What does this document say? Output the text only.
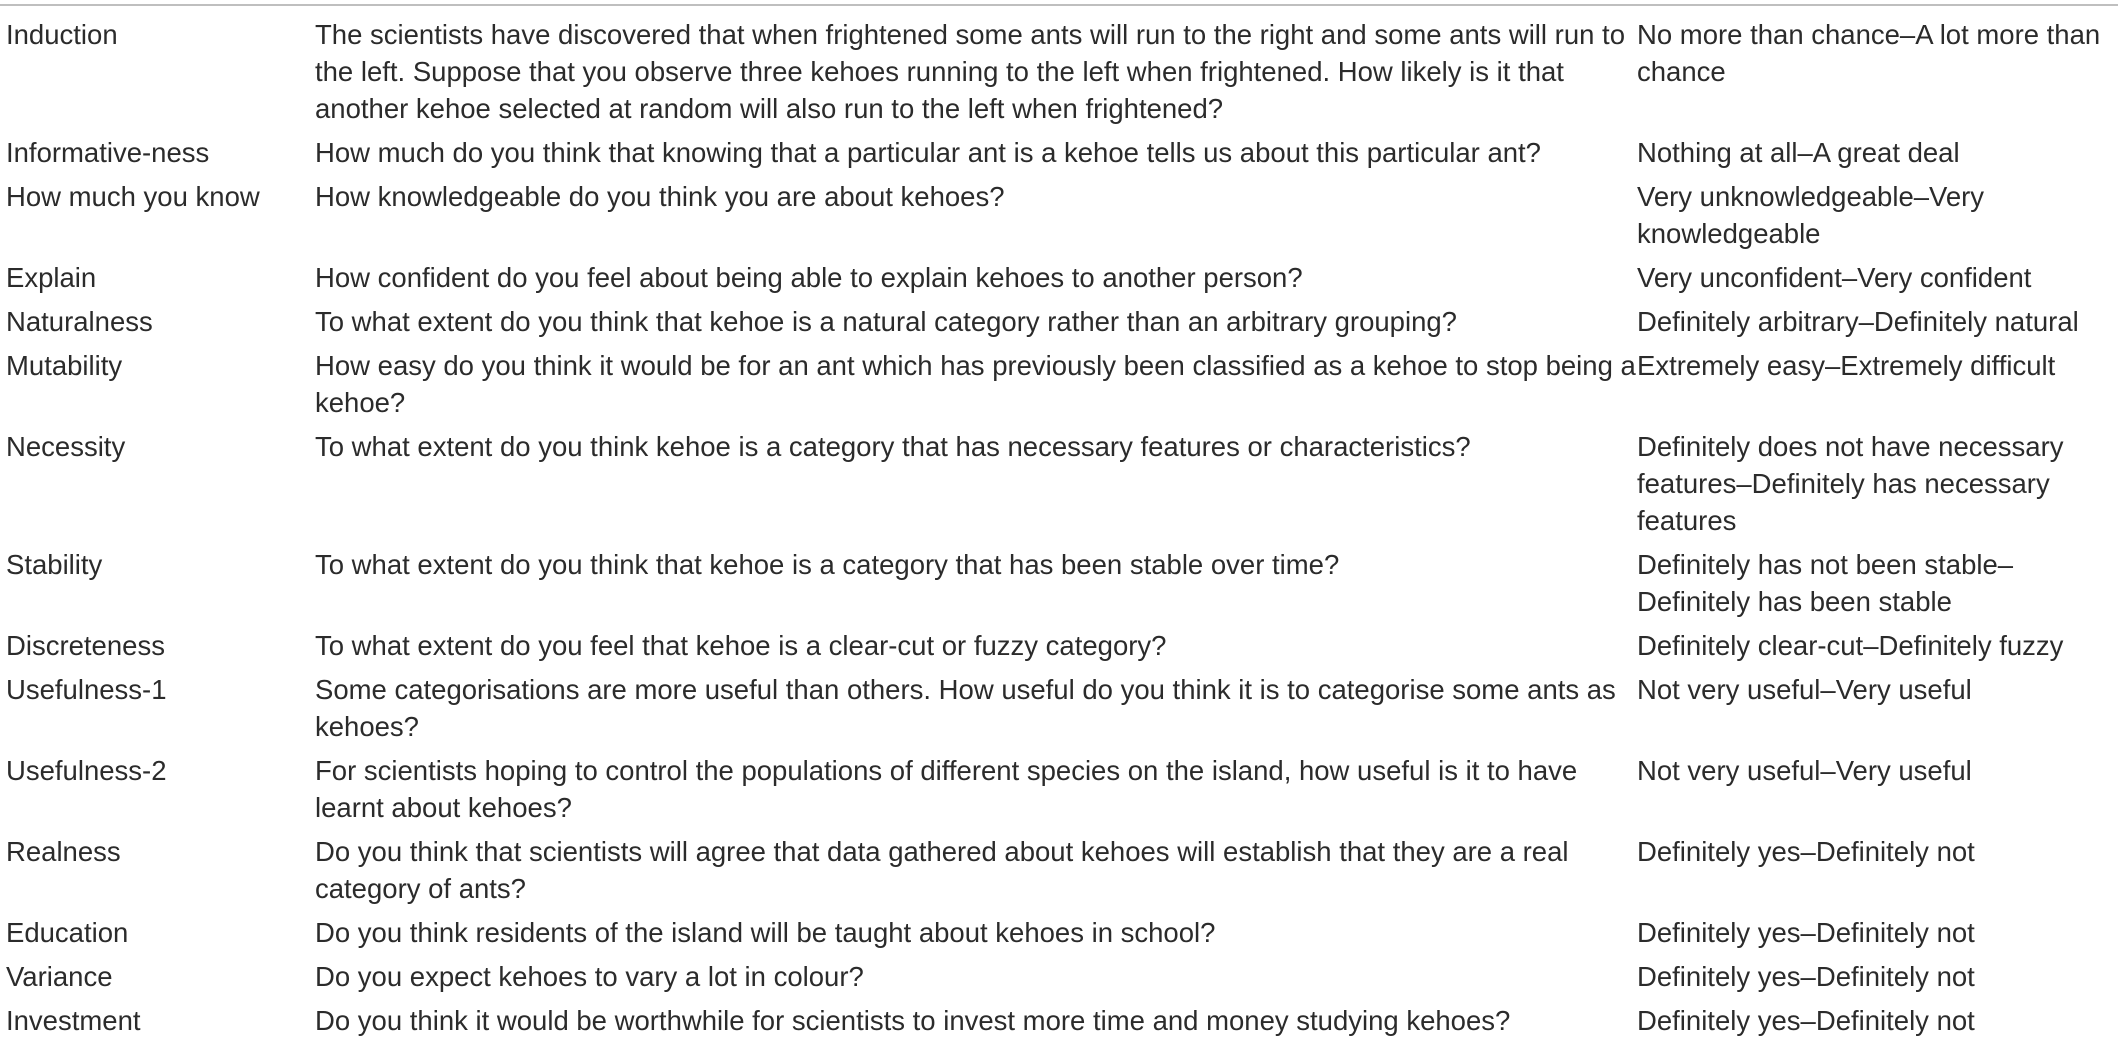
Induction	The scientists have discovered that when frightened some ants will run to the right and some ants will run to the left. Suppose that you observe three kehoes running to the left when frightened. How likely is it that another kehoe selected at random will also run to the left when frightened?	No more than chance–A lot more than chance
Informative-ness	How much do you think that knowing that a particular ant is a kehoe tells us about this particular ant?	Nothing at all–A great deal
How much you know	How knowledgeable do you think you are about kehoes?	Very unknowledgeable–Very knowledgeable
Explain	How confident do you feel about being able to explain kehoes to another person?	Very unconfident–Very confident
Naturalness	To what extent do you think that kehoe is a natural category rather than an arbitrary grouping?	Definitely arbitrary–Definitely natural
Mutability	How easy do you think it would be for an ant which has previously been classified as a kehoe to stop being a kehoe?	Extremely easy–Extremely difficult
Necessity	To what extent do you think kehoe is a category that has necessary features or characteristics?	Definitely does not have necessary features–Definitely has necessary features
Stability	To what extent do you think that kehoe is a category that has been stable over time?	Definitely has not been stable–Definitely has been stable
Discreteness	To what extent do you feel that kehoe is a clear-cut or fuzzy category?	Definitely clear-cut–Definitely fuzzy
Usefulness-1	Some categorisations are more useful than others. How useful do you think it is to categorise some ants as kehoes?	Not very useful–Very useful
Usefulness-2	For scientists hoping to control the populations of different species on the island, how useful is it to have learnt about kehoes?	Not very useful–Very useful
Realness	Do you think that scientists will agree that data gathered about kehoes will establish that they are a real category of ants?	Definitely yes–Definitely not
Education	Do you think residents of the island will be taught about kehoes in school?	Definitely yes–Definitely not
Variance	Do you expect kehoes to vary a lot in colour?	Definitely yes–Definitely not
Investment	Do you think it would be worthwhile for scientists to invest more time and money studying kehoes?	Definitely yes–Definitely not
